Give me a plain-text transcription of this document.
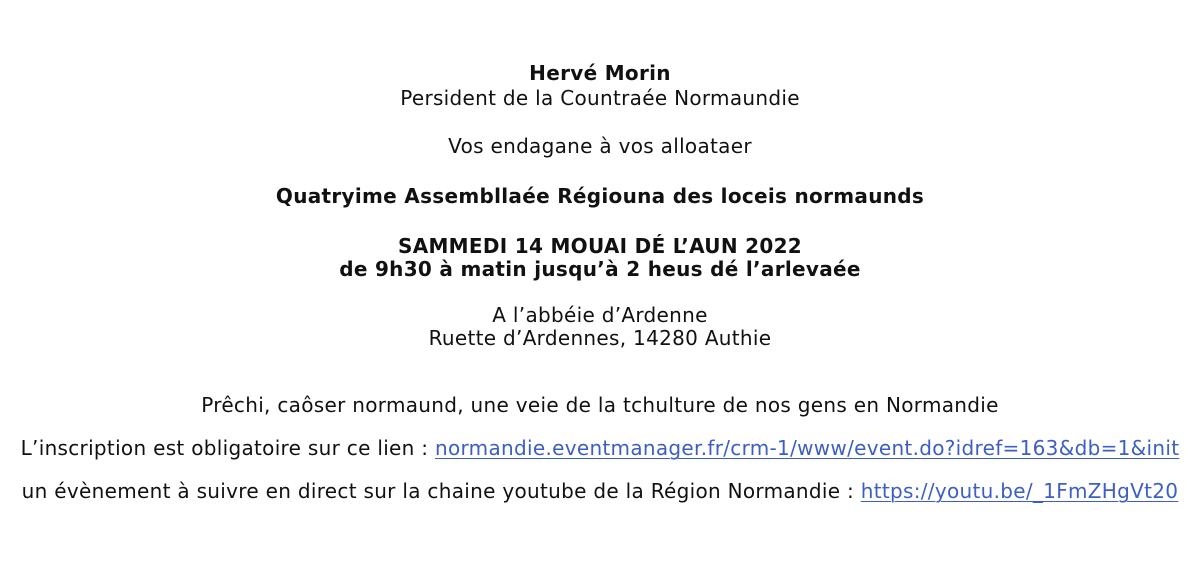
Hervé Morin
Persident de la Countraée Normaundie
Vos endagane à vos alloataer
Quatryime Assembllaée Régiouna des loceis normaunds
SAMMEDI 14 MOUAI DÉ L’AUN 2022
de 9h30 à matin jusqu’à 2 heus dé l’arlevaée
A l’abbéie d’Ardenne
Ruette d’Ardennes, 14280 Authie
Prêchi, caôser normaund, une veie de la tchulture de nos gens en Normandie
L’inscription est obligatoire sur ce lien : normandie.eventmanager.fr/crm-1/www/event.do?idref=163&db=1&init
un évènement à suivre en direct sur la chaine youtube de la Région Normandie : https://youtu.be/_1FmZHgVt20
